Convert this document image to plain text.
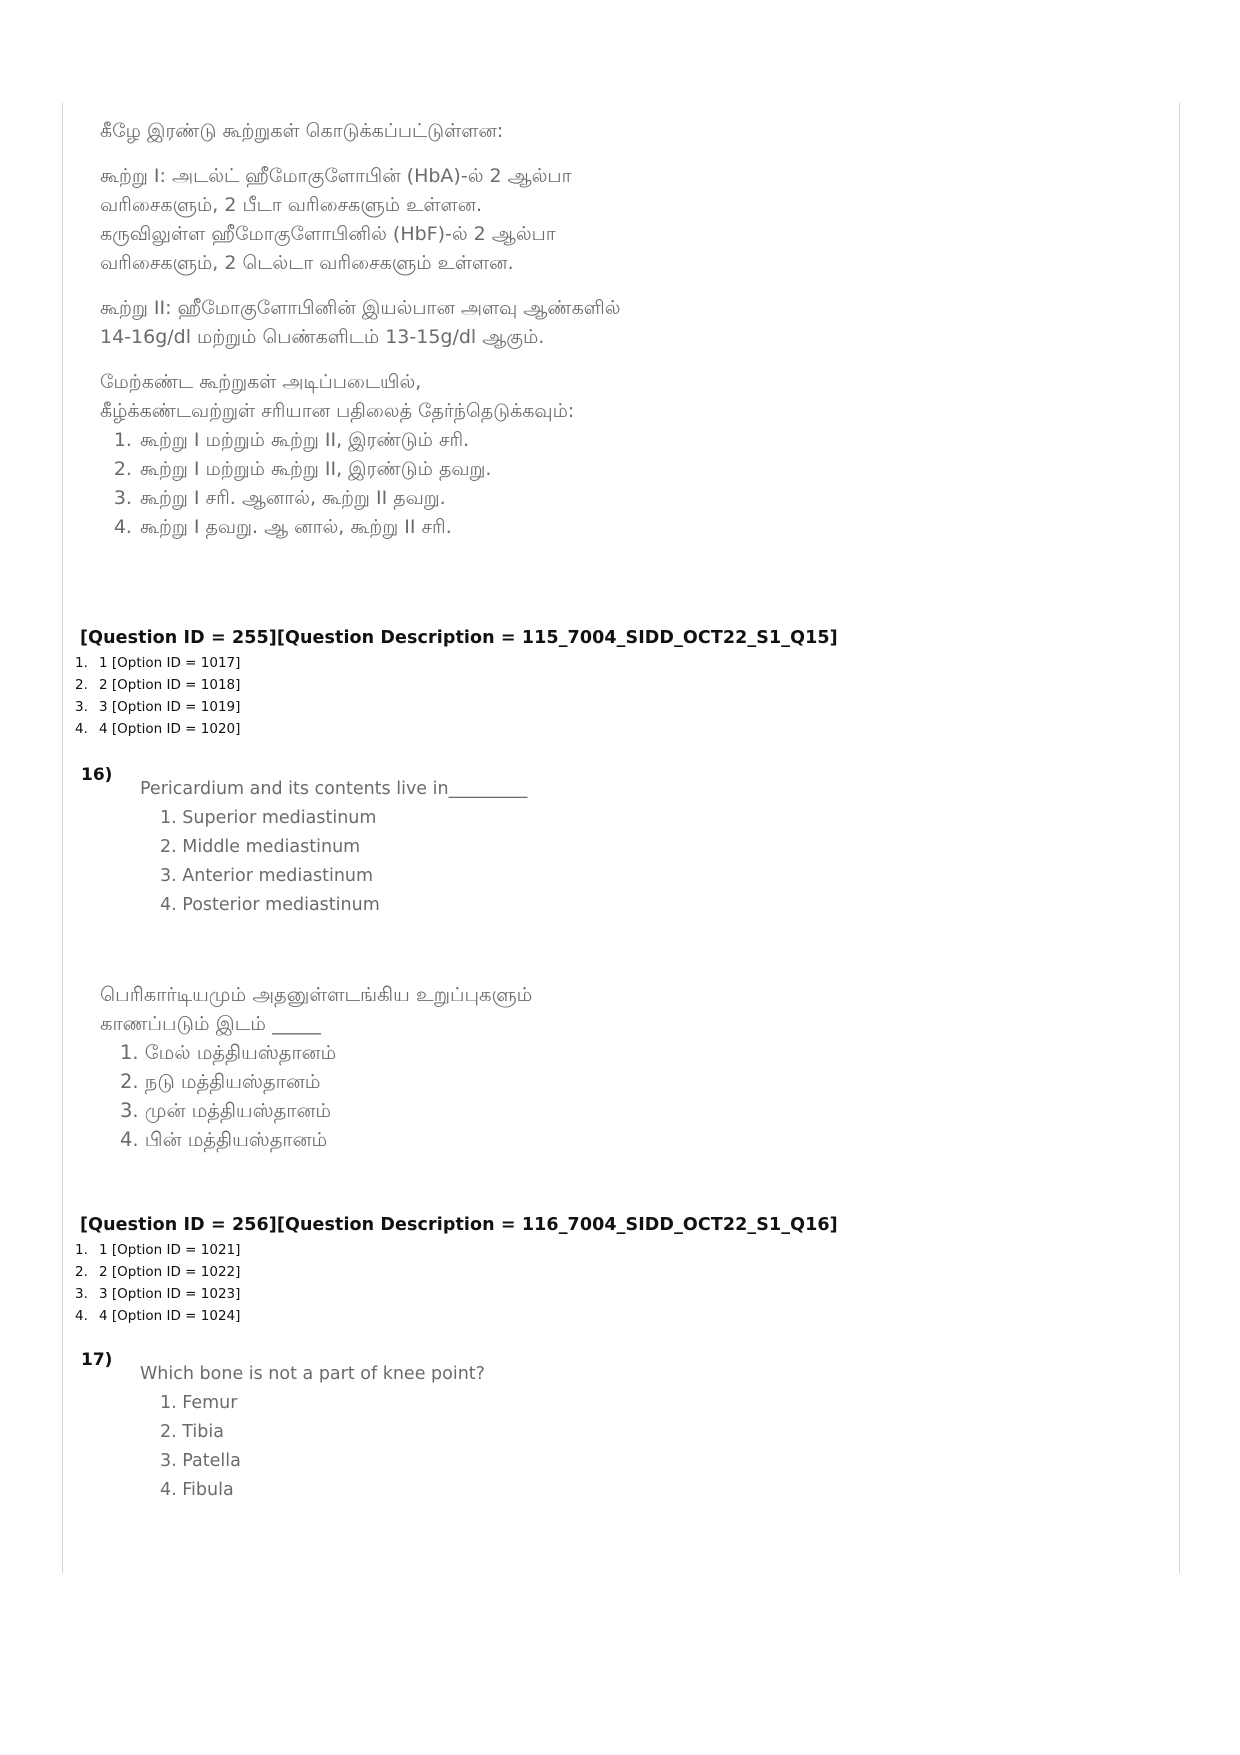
கீழே இரண்டு கூற்றுகள் கொடுக்கப்பட்டுள்ளன:

கூற்று I: அடல்ட் ஹீமோகுளோபின் (HbA)-ல் 2 ஆல்பா

வரிசைகளும், 2 பீடா வரிசைகளும் உள்ளன.

கருவிலுள்ள ஹீமோகுளோபினில் (HbF)-ல் 2 ஆல்பா

வரிசைகளும், 2 டெல்டா வரிசைகளும் உள்ளன.

கூற்று II: ஹீமோகுளோபினின் இயல்பான அளவு ஆண்களில்

14-16g/dl மற்றும் பெண்களிடம் 13-15g/dl ஆகும்.

மேற்கண்ட கூற்றுகள் அடிப்படையில்,

கீழ்க்கண்டவற்றுள் சரியான பதிலைத் தேர்ந்தெடுக்கவும்:

1. கூற்று I மற்றும் கூற்று II, இரண்டும் சரி.
2. கூற்று I மற்றும் கூற்று II, இரண்டும் தவறு.
3. கூற்று I சரி. ஆனால், கூற்று II தவறு.
4. கூற்று I தவறு. ஆ னால், கூற்று II சரி.
[Question ID = 255][Question Description = 115_7004_SIDD_OCT22_S1_Q15]
1. 1 [Option ID = 1017]
2. 2 [Option ID = 1018]
3. 3 [Option ID = 1019]
4. 4 [Option ID = 1020]
16)

Pericardium and its contents live in_________

1. Superior mediastinum
2. Middle mediastinum
3. Anterior mediastinum
4. Posterior mediastinum

பெரிகார்டியமும் அதனுள்ளடங்கிய உறுப்புகளும்

காணப்படும் இடம் _____

1. மேல் மத்தியஸ்தானம்
2. நடு மத்தியஸ்தானம்
3. முன் மத்தியஸ்தானம்
4. பின் மத்தியஸ்தானம்
[Question ID = 256][Question Description = 116_7004_SIDD_OCT22_S1_Q16]
1. 1 [Option ID = 1021]
2. 2 [Option ID = 1022]
3. 3 [Option ID = 1023]
4. 4 [Option ID = 1024]
17)

Which bone is not a part of knee point?

1. Femur
2. Tibia
3. Patella
4. Fibula
